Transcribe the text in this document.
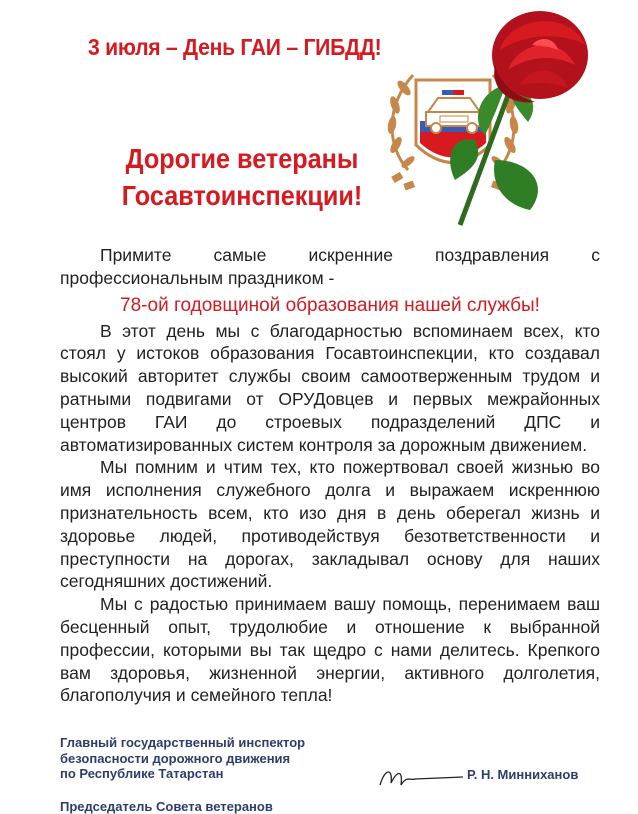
3 июля – День ГАИ – ГИБДД!
Дорогие ветераны
Госавтоинспекции!

Примите самые искренние поздравления с профессиональным праздником -

78-ой годовщиной образования нашей службы!

В этот день мы с благодарностью вспоминаем всех, кто стоял у истоков образования Госавтоинспекции, кто создавал высокий авторитет службы своим самоотверженным трудом и ратными подвигами от ОРУДовцев и первых межрайонных центров ГАИ до строевых подразделений ДПС и автоматизированных систем контроля за дорожным движением.

Мы помним и чтим тех, кто пожертвовал своей жизнью во имя исполнения служебного долга и выражаем искреннюю признательность всем, кто изо дня в день оберегал жизнь и здоровье людей, противодействуя безответственности и преступности на дорогах, закладывал основу для наших сегодняшних достижений.

Мы с радостью принимаем вашу помощь, перенимаем ваш бесценный опыт, трудолюбие и отношение к выбранной профессии, которыми вы так щедро с нами делитесь. Крепкого вам здоровья, жизненной энергии, активного долголетия, благополучия и семейного тепла!

Главный государственный инспектор
безопасности дорожного движения
по Республике Татарстан	Р. Н. Минниханов
Председатель Совета ветеранов
